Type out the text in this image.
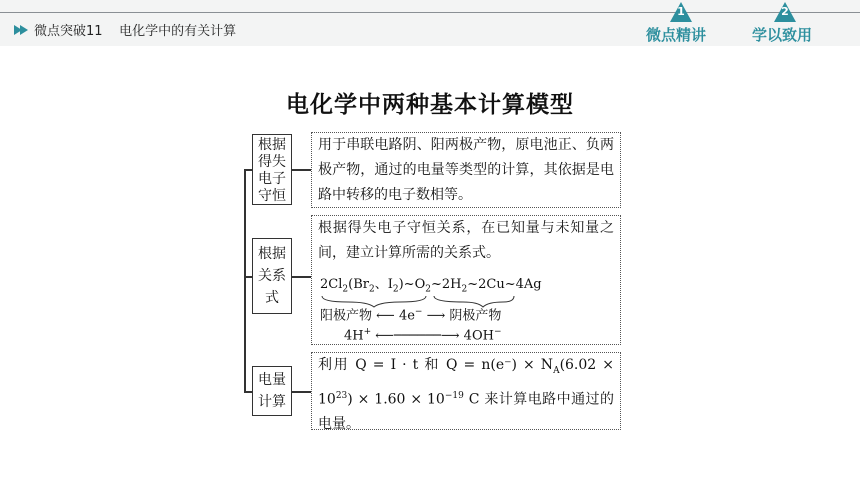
微点突破11    电化学中的有关计算
1
微点精讲
2
学以致用
电化学中两种基本计算模型
根据
得失
电子
守恒
根据
关系
式
电量
计算
用于串联电路阴、阳两极产物，原电池正、负两极产物，通过的电量等类型的计算，其依据是电路中转移的电子数相等。
根据得失电子守恒关系，在已知量与未知量之间，建立计算所需的关系式。
$2Cl_2(Br_2$、$I_2)\sim O_2\sim 2H_2\sim 2Cu\sim 4Ag$
阳极产物 ⟵ 4e− ⟶ 阴极产物
4H+ ⟵──────⟶ 4OH−
利用 Q = I · t 和 $Q = n(e^-) \times N_A(6.02 \times 10^{23}) \times 1.60 \times 10^{-19}$ C 来计算电路中通过的电量。
